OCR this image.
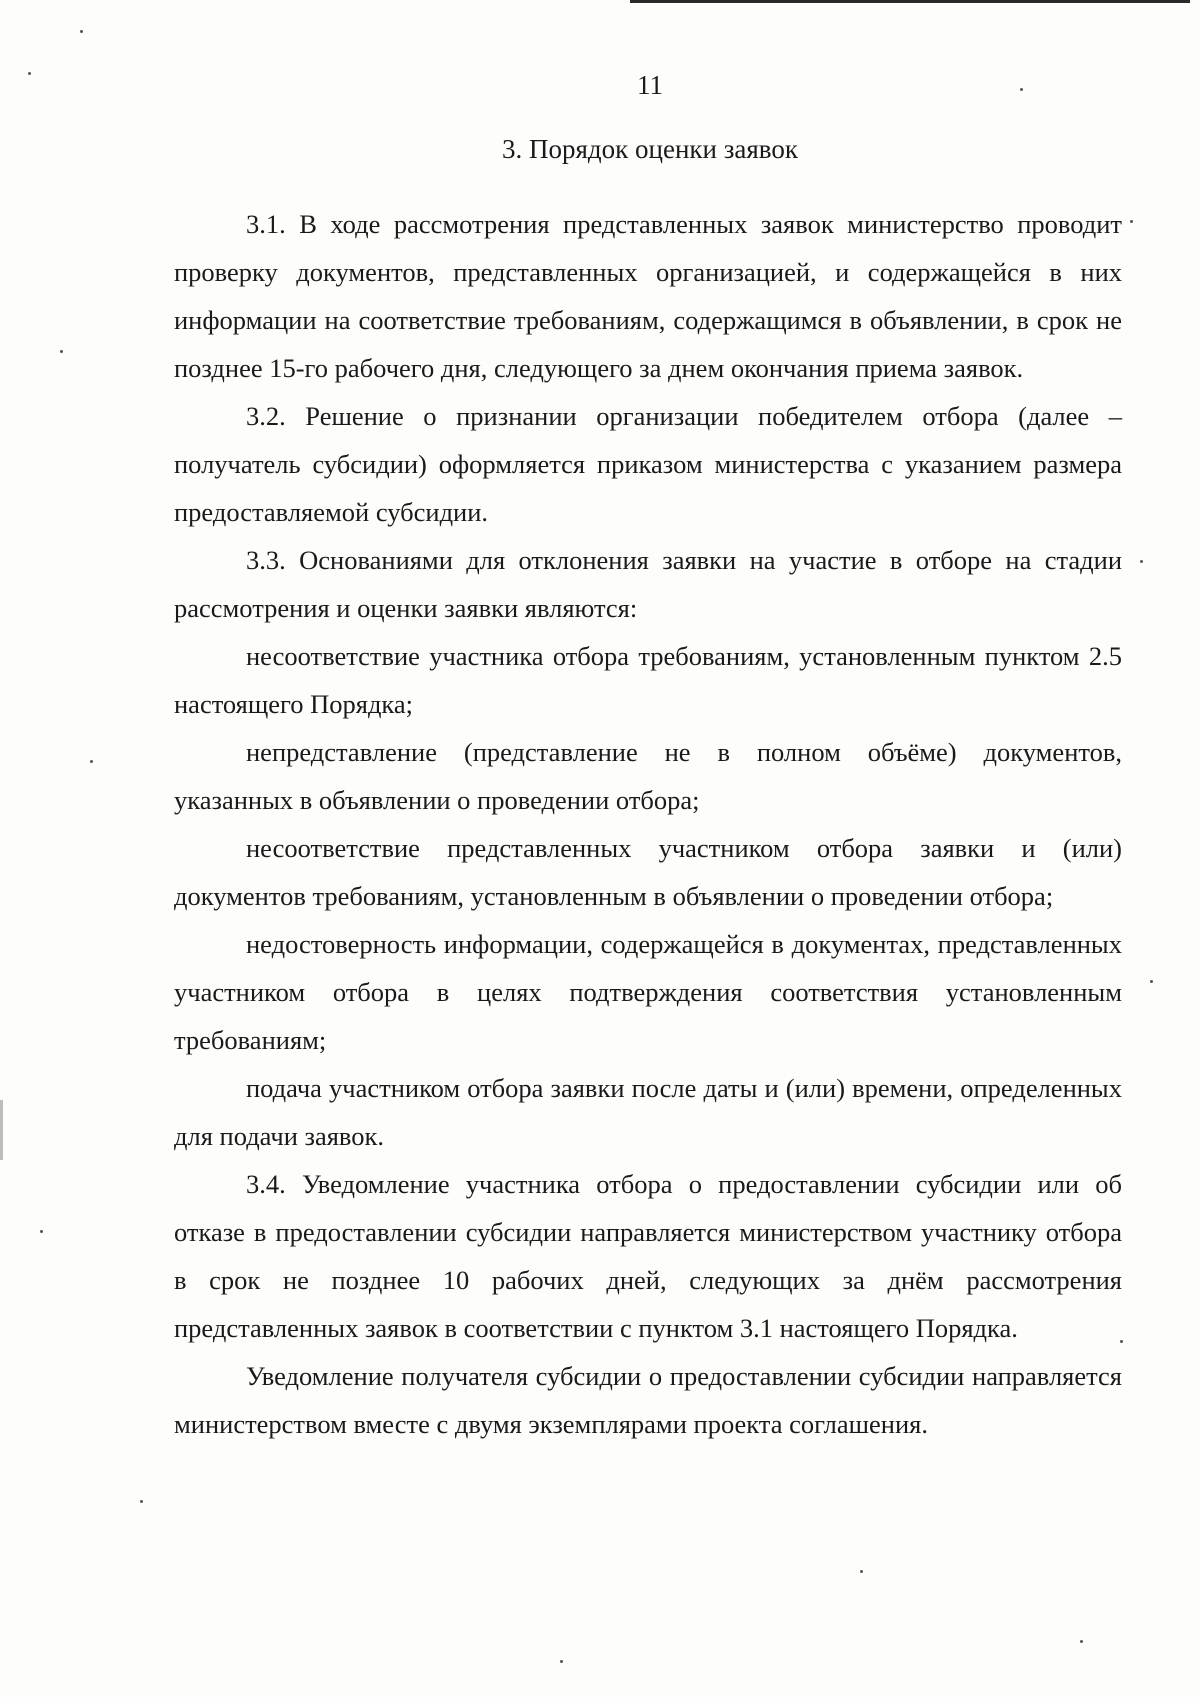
11
3. Порядок оценки заявок

3.1. В ходе рассмотрения представленных заявок министерство проводит проверку документов, представленных организацией, и содержащейся в них информации на соответствие требованиям, содержащимся в объявлении, в срок не позднее 15-го рабочего дня, следующего за днем окончания приема заявок.

3.2. Решение о признании организации победителем отбора (далее – получатель субсидии) оформляется приказом министерства с указанием размера предоставляемой субсидии.

3.3. Основаниями для отклонения заявки на участие в отборе на стадии рассмотрения и оценки заявки являются:

несоответствие участника отбора требованиям, установленным пунктом 2.5 настоящего Порядка;

непредставление (представление не в полном объёме) документов, указанных в объявлении о проведении отбора;

несоответствие представленных участником отбора заявки и (или) документов требованиям, установленным в объявлении о проведении отбора;

недостоверность информации, содержащейся в документах, представленных участником отбора в целях подтверждения соответствия установленным требованиям;

подача участником отбора заявки после даты и (или) времени, определенных для подачи заявок.

3.4. Уведомление участника отбора о предоставлении субсидии или об отказе в предоставлении субсидии направляется министерством участнику отбора в срок не позднее 10 рабочих дней, следующих за днём рассмотрения представленных заявок в соответствии с пунктом 3.1 настоящего Порядка.

Уведомление получателя субсидии о предоставлении субсидии направляется министерством вместе с двумя экземплярами проекта соглашения.
